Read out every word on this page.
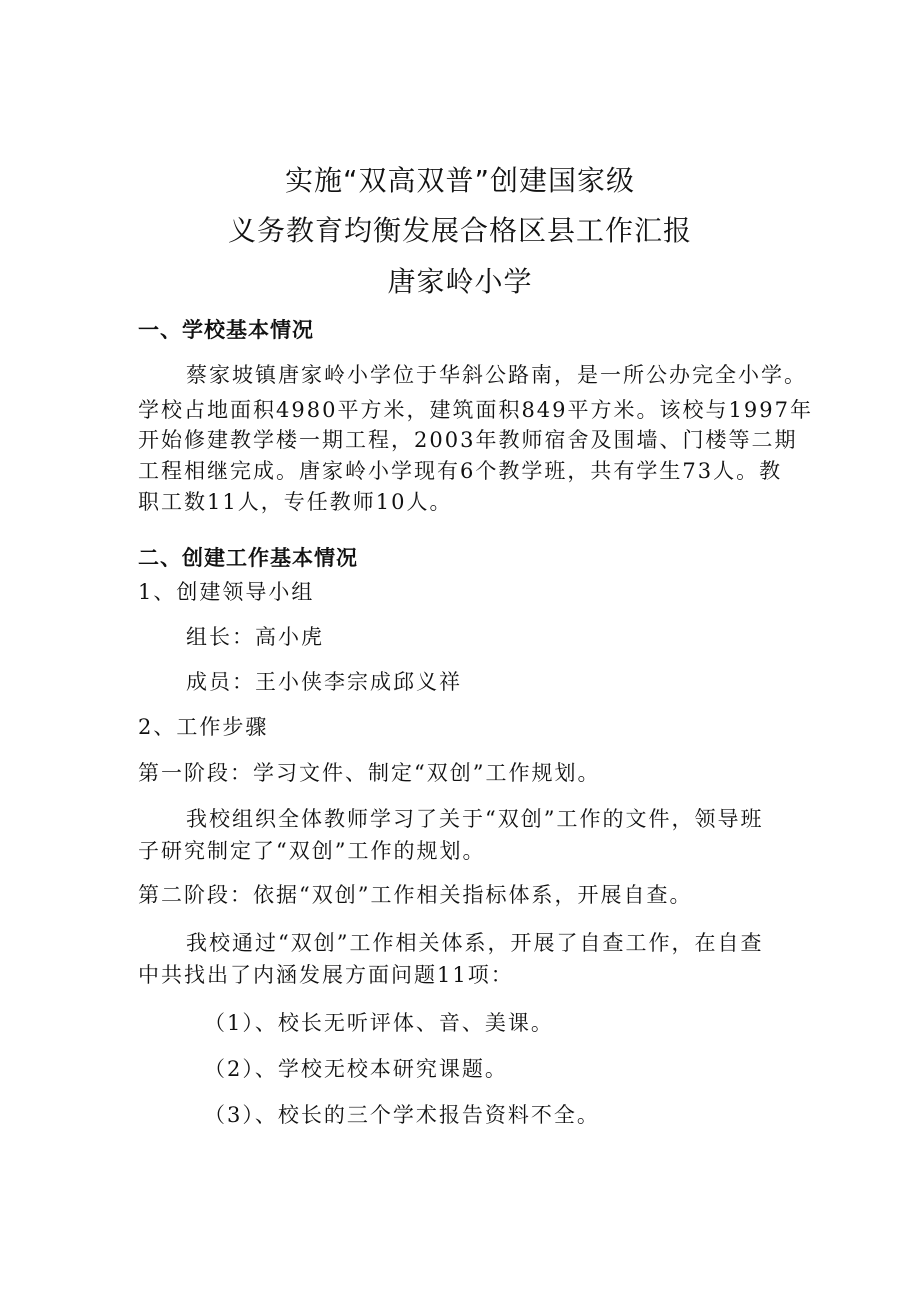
实施“双高双普”创建国家级
义务教育均衡发展合格区县工作汇报
唐家岭小学
一、学校基本情况
蔡家坡镇唐家岭小学位于华斜公路南，是一所公办完全小学。
学校占地面积4980平方米，建筑面积849平方米。该校与1997年
开始修建教学楼一期工程，2003年教师宿舍及围墙、门楼等二期
工程相继完成。唐家岭小学现有6个教学班，共有学生73人。教
职工数11人，专任教师10人。
二、创建工作基本情况
1、创建领导小组
组长：高小虎
成员：王小侠李宗成邱义祥
2、工作步骤
第一阶段：学习文件、制定“双创”工作规划。
我校组织全体教师学习了关于“双创”工作的文件，领导班
子研究制定了“双创”工作的规划。
第二阶段：依据“双创”工作相关指标体系，开展自查。
我校通过“双创”工作相关体系，开展了自查工作，在自查
中共找出了内涵发展方面问题11项：
（1）、校长无听评体、音、美课。
（2）、学校无校本研究课题。
（3）、校长的三个学术报告资料不全。
